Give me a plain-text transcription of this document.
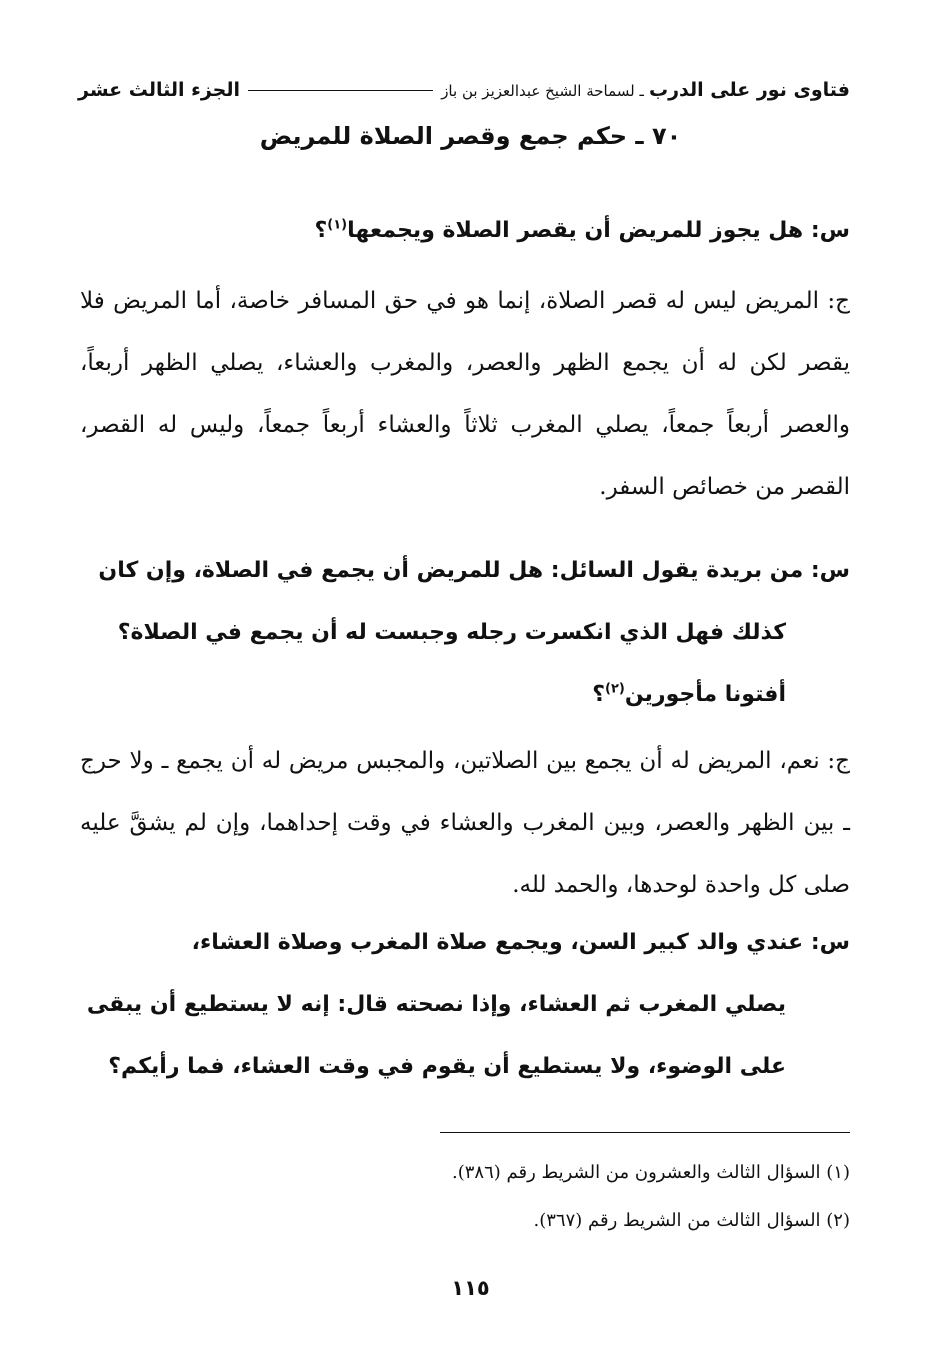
فتاوى نور على الدرب ـ لسماحة الشيخ عبدالعزيز بن باز
الجزء الثالث عشر
٧٠ ـ حكم جمع وقصر الصلاة للمريض
س: هل يجوز للمريض أن يقصر الصلاة ويجمعها$^{(١)}$؟
ج: المريض ليس له قصر الصلاة، إنما هو في حق المسافر خاصة، أما المريض فلا يقصر لكن له أن يجمع الظهر والعصر، والمغرب والعشاء، يصلي الظهر أربعاً، والعصر أربعاً جمعاً، يصلي المغرب ثلاثاً والعشاء أربعاً جمعاً، وليس له القصر، القصر من خصائص السفر.
س: من بريدة يقول السائل: هل للمريض أن يجمع في الصلاة، وإن كان
كذلك فهل الذي انكسرت رجله وجبست له أن يجمع في الصلاة؟ أفتونا مأجورين$^{(٢)}$؟
ج: نعم، المريض له أن يجمع بين الصلاتين، والمجبس مريض له أن يجمع ـ ولا حرج ـ بين الظهر والعصر، وبين المغرب والعشاء في وقت إحداهما، وإن لم يشقَّ عليه صلى كل واحدة لوحدها، والحمد لله.
س: عندي والد كبير السن، ويجمع صلاة المغرب وصلاة العشاء،
يصلي المغرب ثم العشاء، وإذا نصحته قال: إنه لا يستطيع أن يبقى على الوضوء، ولا يستطيع أن يقوم في وقت العشاء، فما رأيكم؟
(١) السؤال الثالث والعشرون من الشريط رقم (٣٨٦).
(٢) السؤال الثالث من الشريط رقم (٣٦٧).
١١٥
